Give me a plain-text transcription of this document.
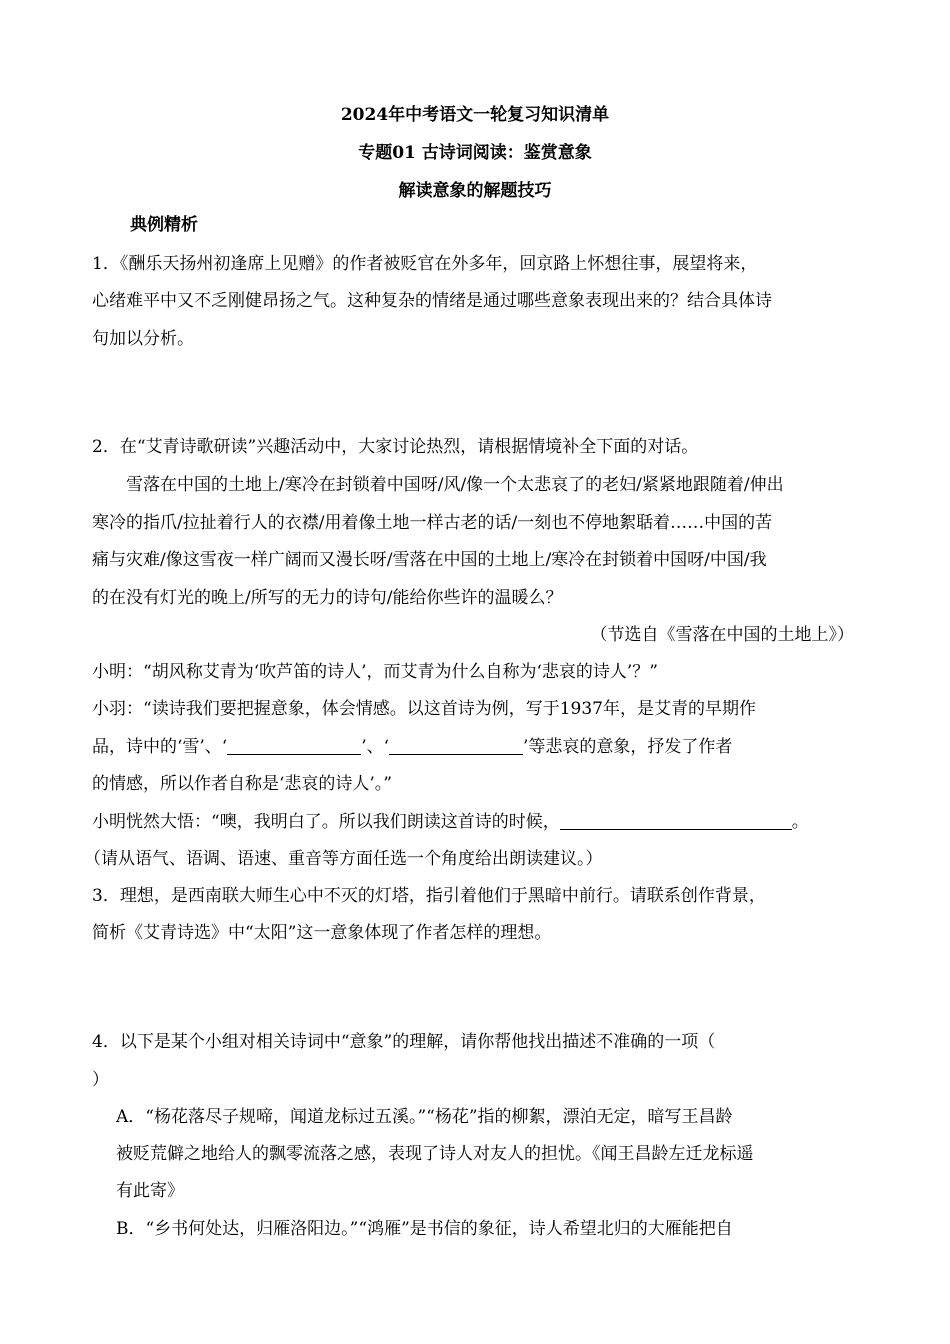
2024年中考语文一轮复习知识清单
专题01 古诗词阅读：鉴赏意象
解读意象的解题技巧
典例精析
1．《酬乐天扬州初逢席上见赠》的作者被贬官在外多年，回京路上怀想往事，展望将来，
心绪难平中又不乏刚健昂扬之气。这种复杂的情绪是通过哪些意象表现出来的？结合具体诗
句加以分析。
2．在“艾青诗歌研读”兴趣活动中，大家讨论热烈，请根据情境补全下面的对话。
雪落在中国的土地上/寒冷在封锁着中国呀/风/像一个太悲哀了的老妇/紧紧地跟随着/伸出
寒冷的指爪/拉扯着行人的衣襟/用着像土地一样古老的话/一刻也不停地絮聒着……中国的苦
痛与灾难/像这雪夜一样广阔而又漫长呀/雪落在中国的土地上/寒冷在封锁着中国呀/中国/我
的在没有灯光的晚上/所写的无力的诗句/能给你些许的温暖么？
（节选自《雪落在中国的土地上》）
小明：“胡风称艾青为‘吹芦笛的诗人’，而艾青为什么自称为‘悲哀的诗人’？”
小羽：“读诗我们要把握意象，体会情感。以这首诗为例，写于1937年，是艾青的早期作
品，诗中的‘雪’、‘	’、‘	’等悲哀的意象，抒发了作者
的情感，所以作者自称是‘悲哀的诗人’。”
小明恍然大悟：“噢，我明白了。所以我们朗读这首诗的时候，	。
（请从语气、语调、语速、重音等方面任选一个角度给出朗读建议。）
3．理想，是西南联大师生心中不灭的灯塔，指引着他们于黑暗中前行。请联系创作背景，
简析《艾青诗选》中“太阳”这一意象体现了作者怎样的理想。
4．以下是某个小组对相关诗词中“意象”的理解，请你帮他找出描述不准确的一项（
）
A．“杨花落尽子规啼，闻道龙标过五溪。”“杨花”指的柳絮，漂泊无定，暗写王昌龄
被贬荒僻之地给人的飘零流落之感，表现了诗人对友人的担忧。《闻王昌龄左迁龙标遥
有此寄》
B．“乡书何处达，归雁洛阳边。”“鸿雁”是书信的象征，诗人希望北归的大雁能把自
